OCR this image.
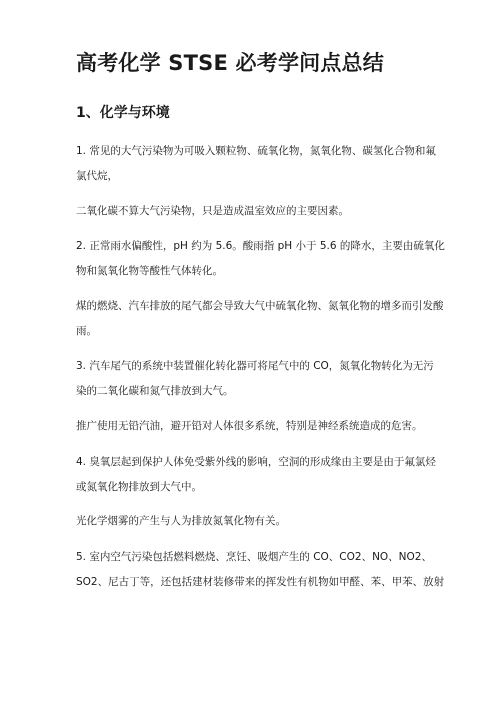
高考化学 STSE 必考学问点总结
1、化学与环境
1. 常见的大气污染物为可吸入颗粒物、硫氧化物，氮氧化物、碳氢化合物和氟
氯代烷，
二氧化碳不算大气污染物，只是造成温室效应的主要因素。
2. 正常雨水偏酸性，pH 约为 5.6。酸雨指 pH 小于 5.6 的降水，主要由硫氧化
物和氮氧化物等酸性气体转化。
煤的燃烧、汽车排放的尾气都会导致大气中硫氧化物、氮氧化物的增多而引发酸
雨。
3. 汽车尾气的系统中装置催化转化器可将尾气中的 CO，氮氧化物转化为无污
染的二氧化碳和氮气排放到大气。
推广使用无铅汽油，避开铅对人体很多系统，特别是神经系统造成的危害。
4. 臭氧层起到保护人体免受紫外线的影响，空洞的形成缘由主要是由于氟氯烃
或氮氧化物排放到大气中。
光化学烟雾的产生与人为排放氮氧化物有关。
5. 室内空气污染包括燃料燃烧、烹饪、吸烟产生的 CO、CO2、NO、NO2、
SO2、尼古丁等，还包括建材装修带来的挥发性有机物如甲醛、苯、甲苯、放射
